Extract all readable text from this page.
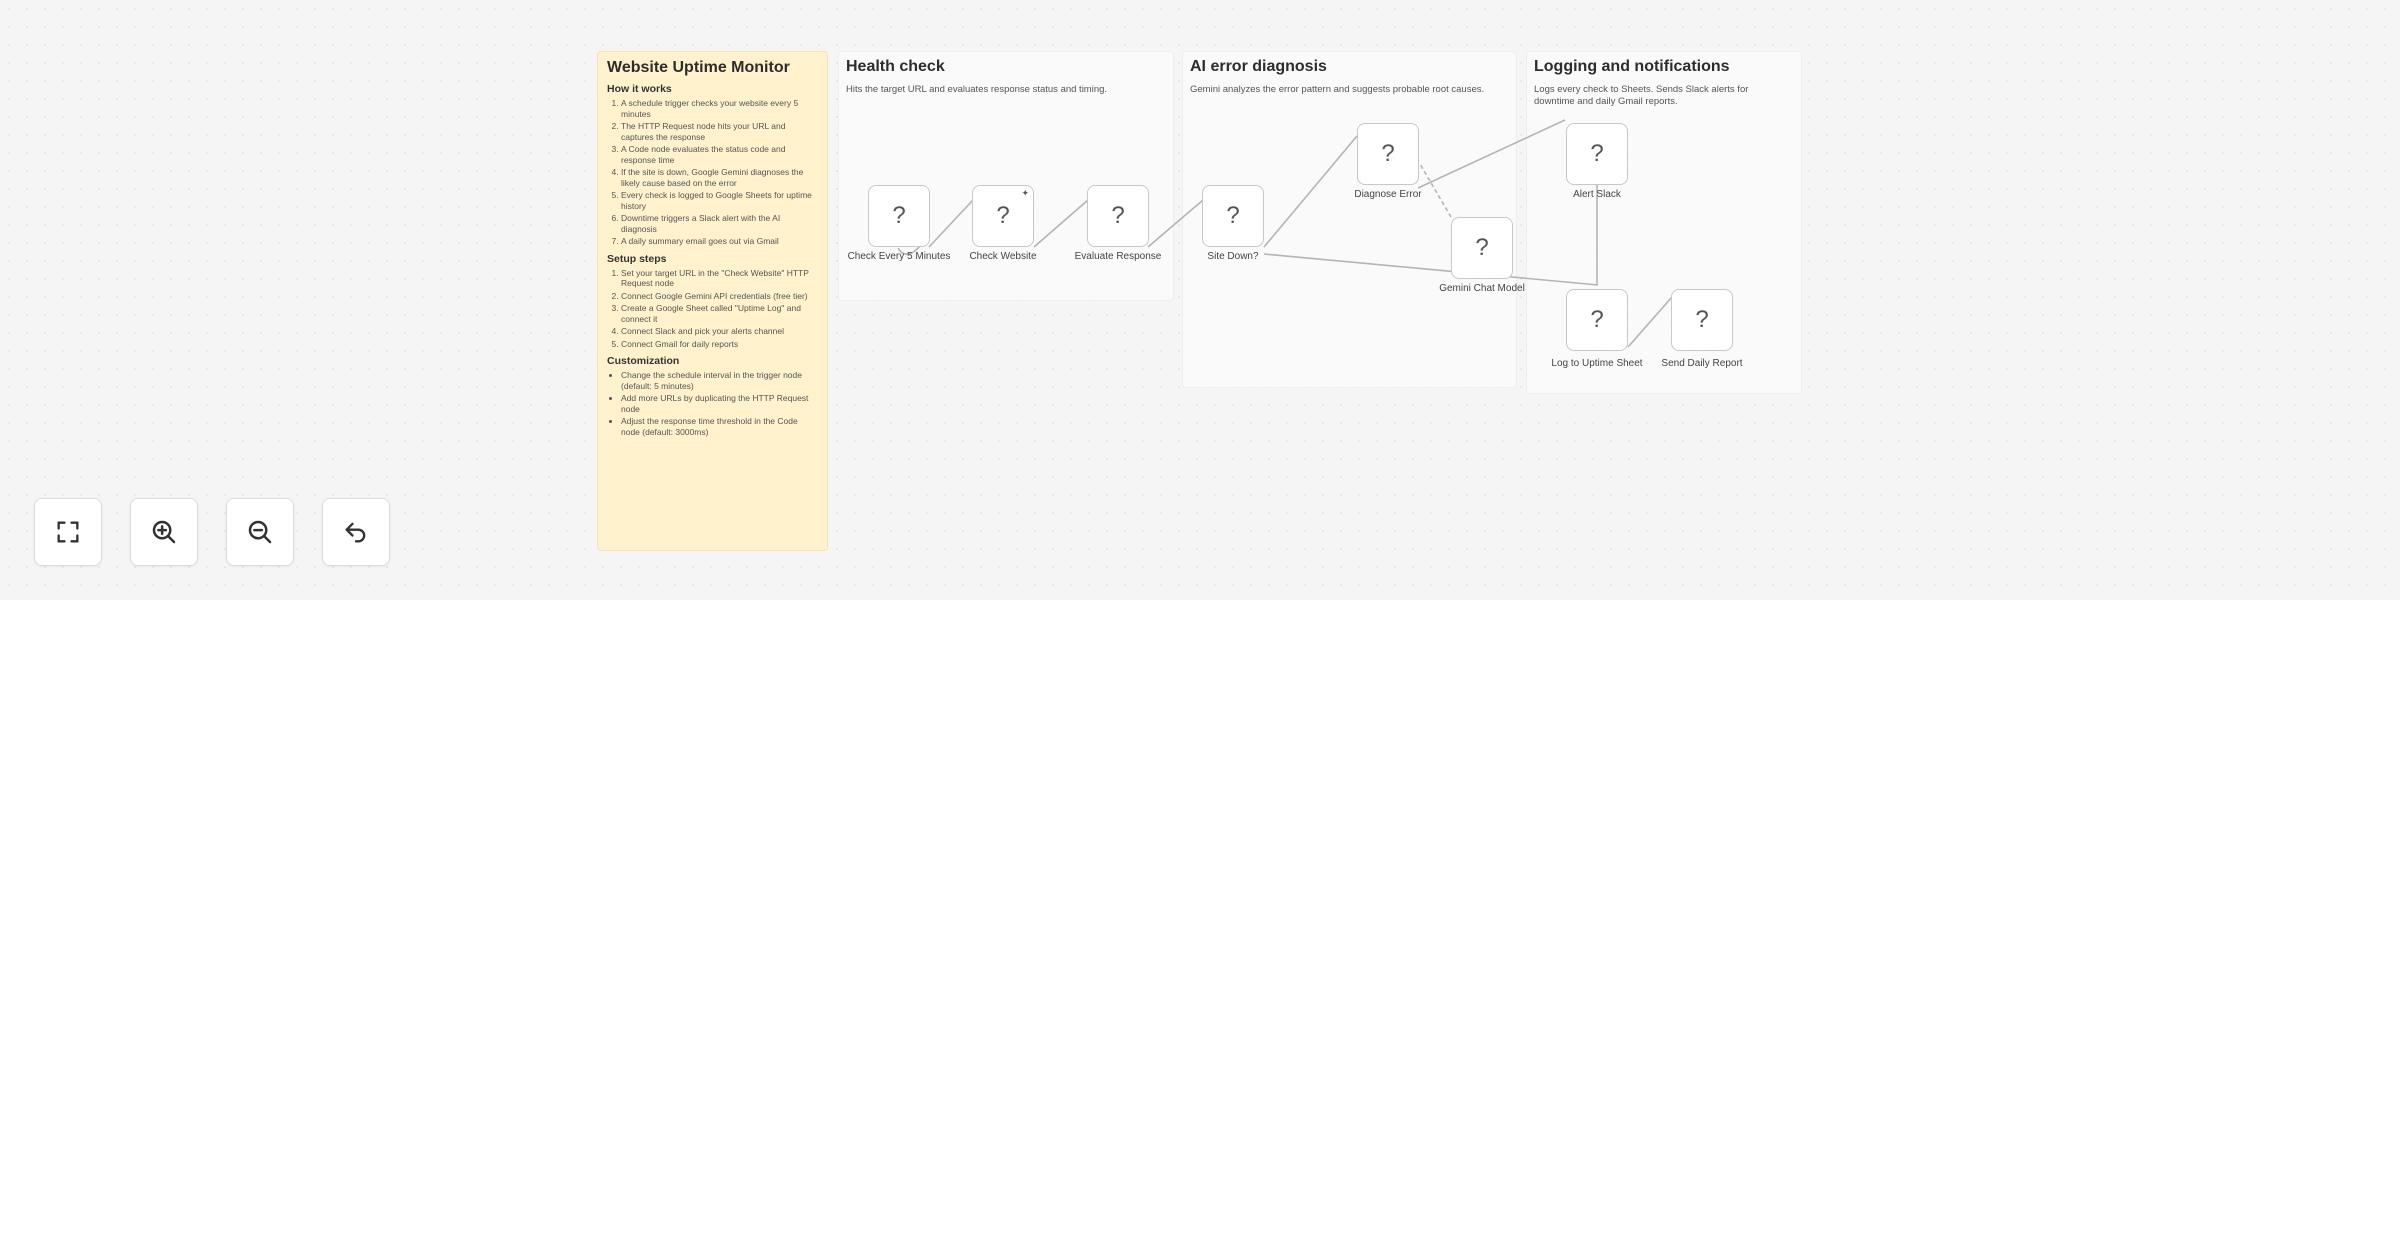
Website Uptime Monitor
How it works
1. A schedule trigger checks your website every 5 minutes
2. The HTTP Request node hits your URL and captures the response
3. A Code node evaluates the status code and response time
4. If the site is down, Google Gemini diagnoses the likely cause based on the error
5. Every check is logged to Google Sheets for uptime history
6. Downtime triggers a Slack alert with the AI diagnosis
7. A daily summary email goes out via Gmail
Setup steps
1. Set your target URL in the "Check Website" HTTP Request node
2. Connect Google Gemini API credentials (free tier)
3. Create a Google Sheet called "Uptime Log" and connect it
4. Connect Slack and pick your alerts channel
5. Connect Gmail for daily reports
Customization
• Change the schedule interval in the trigger node (default: 5 minutes)
• Add more URLs by duplicating the HTTP Request node
• Adjust the response time threshold in the Code node (default: 3000ms)
Health check
Hits the target URL and evaluates response status and timing.
AI error diagnosis
Gemini analyzes the error pattern and suggests probable root causes.
Logging and notifications
Logs every check to Sheets. Sends Slack alerts for downtime and daily Gmail reports.
?
Check Every 5 Minutes
?
✦
Check Website
?
Evaluate Response
?
Site Down?
?
Diagnose Error
?
Gemini Chat Model
?
Alert Slack
?
Log to Uptime Sheet
?
Send Daily Report
